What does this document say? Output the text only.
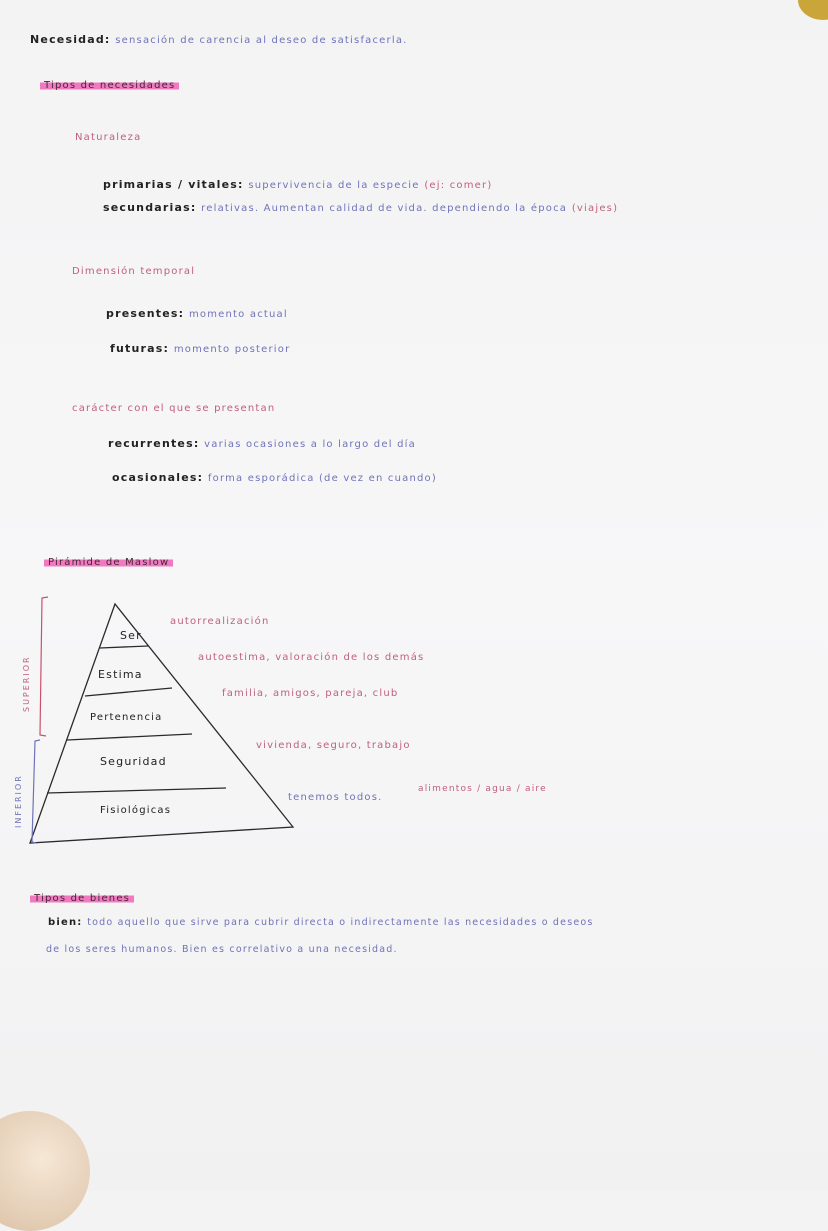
Necesidad: sensación de carencia al deseo de satisfacerla.
Tipos de necesidades
Naturaleza
primarias / vitales: supervivencia de la especie (ej: comer)
secundarias: relativas. Aumentan calidad de vida. dependiendo la época (viajes)
Dimensión temporal
presentes: momento actual
futuras: momento posterior
carácter con el que se presentan
recurrentes: varias ocasiones a lo largo del día
ocasionales: forma esporádica (de vez en cuando)
Pirámide de Maslow
SUPERIOR
INFERIOR
Ser
Estima
Pertenencia
Seguridad
Fisiológicas
autorrealización
autoestima, valoración de los demás
familia, amigos, pareja, club
vivienda, seguro, trabajo
tenemos todos.
alimentos / agua / aire
Tipos de bienes
bien: todo aquello que sirve para cubrir directa o indirectamente las necesidades o deseos
de los seres humanos. Bien es correlativo a una necesidad.
